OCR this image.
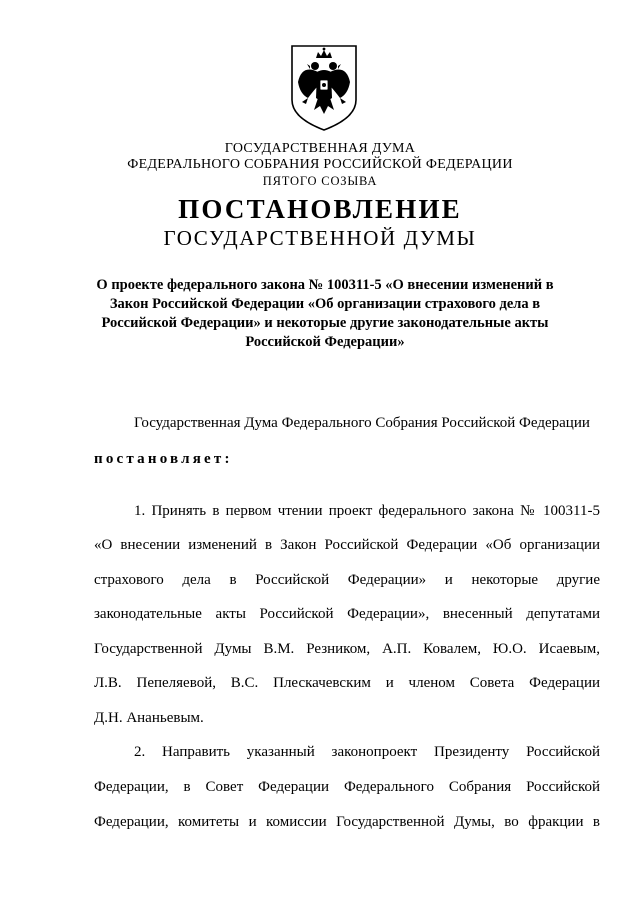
ГОСУДАРСТВЕННАЯ ДУМА
ФЕДЕРАЛЬНОГО СОБРАНИЯ РОССИЙСКОЙ ФЕДЕРАЦИИ
ПЯТОГО СОЗЫВА
ПОСТАНОВЛЕНИЕ
ГОСУДАРСТВЕННОЙ ДУМЫ
О проекте федерального закона № 100311-5 «О внесении изменений в
Закон Российской Федерации «Об организации страхового дела в
Российской Федерации» и некоторые другие законодательные акты
Российской Федерации»
Государственная Дума Федерального Собрания Российской Федерации
постановляет:
1. Принять в первом чтении проект федерального закона № 100311-5
«О внесении изменений в Закон Российской Федерации «Об организации
страхового дела в Российской Федерации» и некоторые другие
законодательные акты Российской Федерации», внесенный депутатами
Государственной Думы В.М. Резником, А.П. Ковалем, Ю.О. Исаевым,
Л.В. Пепеляевой, В.С. Плескачевским и членом Совета Федерации
Д.Н. Ананьевым.
2. Направить указанный законопроект Президенту Российской
Федерации, в Совет Федерации Федерального Собрания Российской
Федерации, комитеты и комиссии Государственной Думы, во фракции в
